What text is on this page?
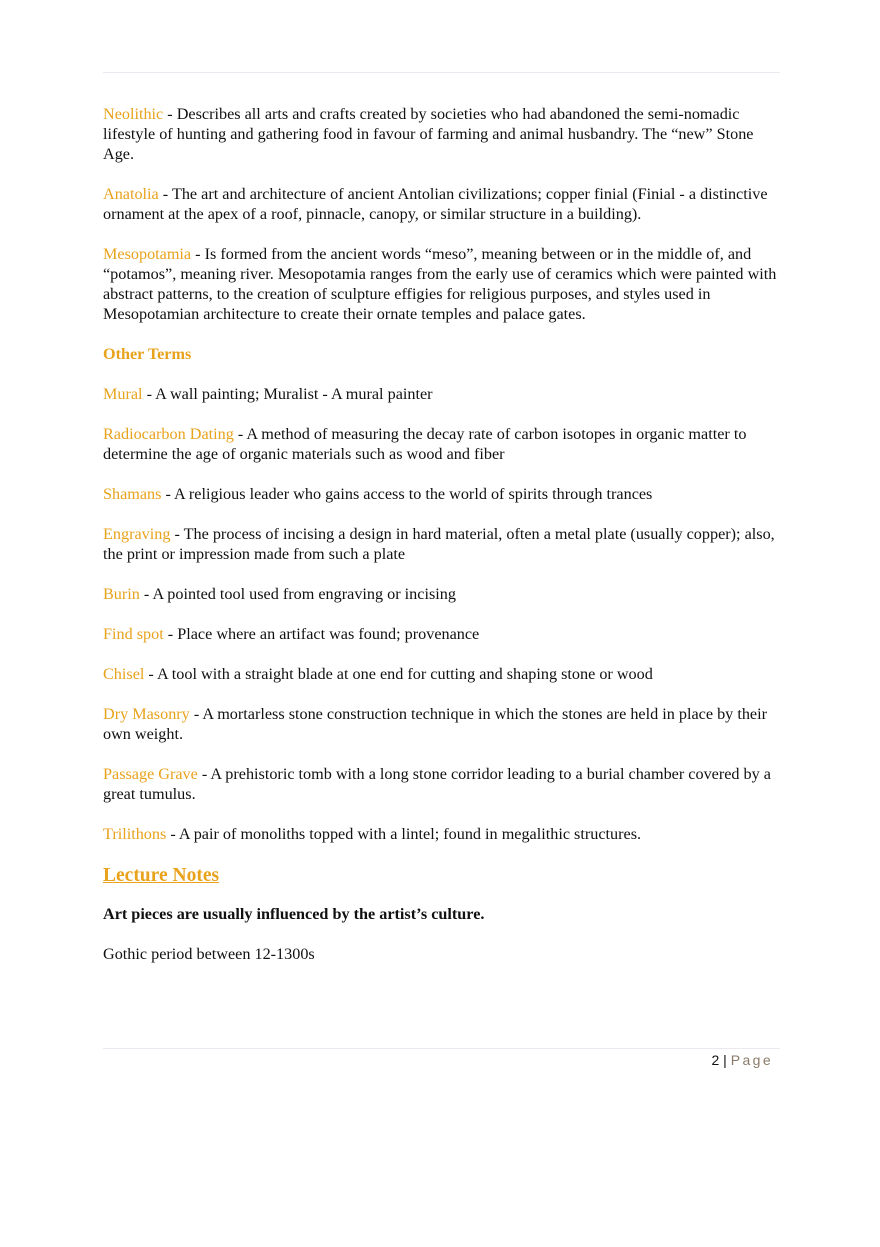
Neolithic - Describes all arts and crafts created by societies who had abandoned the semi-nomadic lifestyle of hunting and gathering food in favour of farming and animal husbandry. The “new” Stone Age.

Anatolia - The art and architecture of ancient Antolian civilizations; copper finial (Finial - a distinctive ornament at the apex of a roof, pinnacle, canopy, or similar structure in a building).

Mesopotamia - Is formed from the ancient words “meso”, meaning between or in the middle of, and “potamos”, meaning river. Mesopotamia ranges from the early use of ceramics which were painted with abstract patterns, to the creation of sculpture effigies for religious purposes, and styles used in Mesopotamian architecture to create their ornate temples and palace gates.

Other Terms

Mural - A wall painting; Muralist - A mural painter

Radiocarbon Dating - A method of measuring the decay rate of carbon isotopes in organic matter to determine the age of organic materials such as wood and fiber

Shamans - A religious leader who gains access to the world of spirits through trances

Engraving - The process of incising a design in hard material, often a metal plate (usually copper); also, the print or impression made from such a plate

Burin - A pointed tool used from engraving or incising

Find spot - Place where an artifact was found; provenance

Chisel - A tool with a straight blade at one end for cutting and shaping stone or wood

Dry Masonry - A mortarless stone construction technique in which the stones are held in place by their own weight.

Passage Grave - A prehistoric tomb with a long stone corridor leading to a burial chamber covered by a great tumulus.

Trilithons - A pair of monoliths topped with a lintel; found in megalithic structures.

Lecture Notes

Art pieces are usually influenced by the artist’s culture.

Gothic period between 12-1300s

2 | Page
